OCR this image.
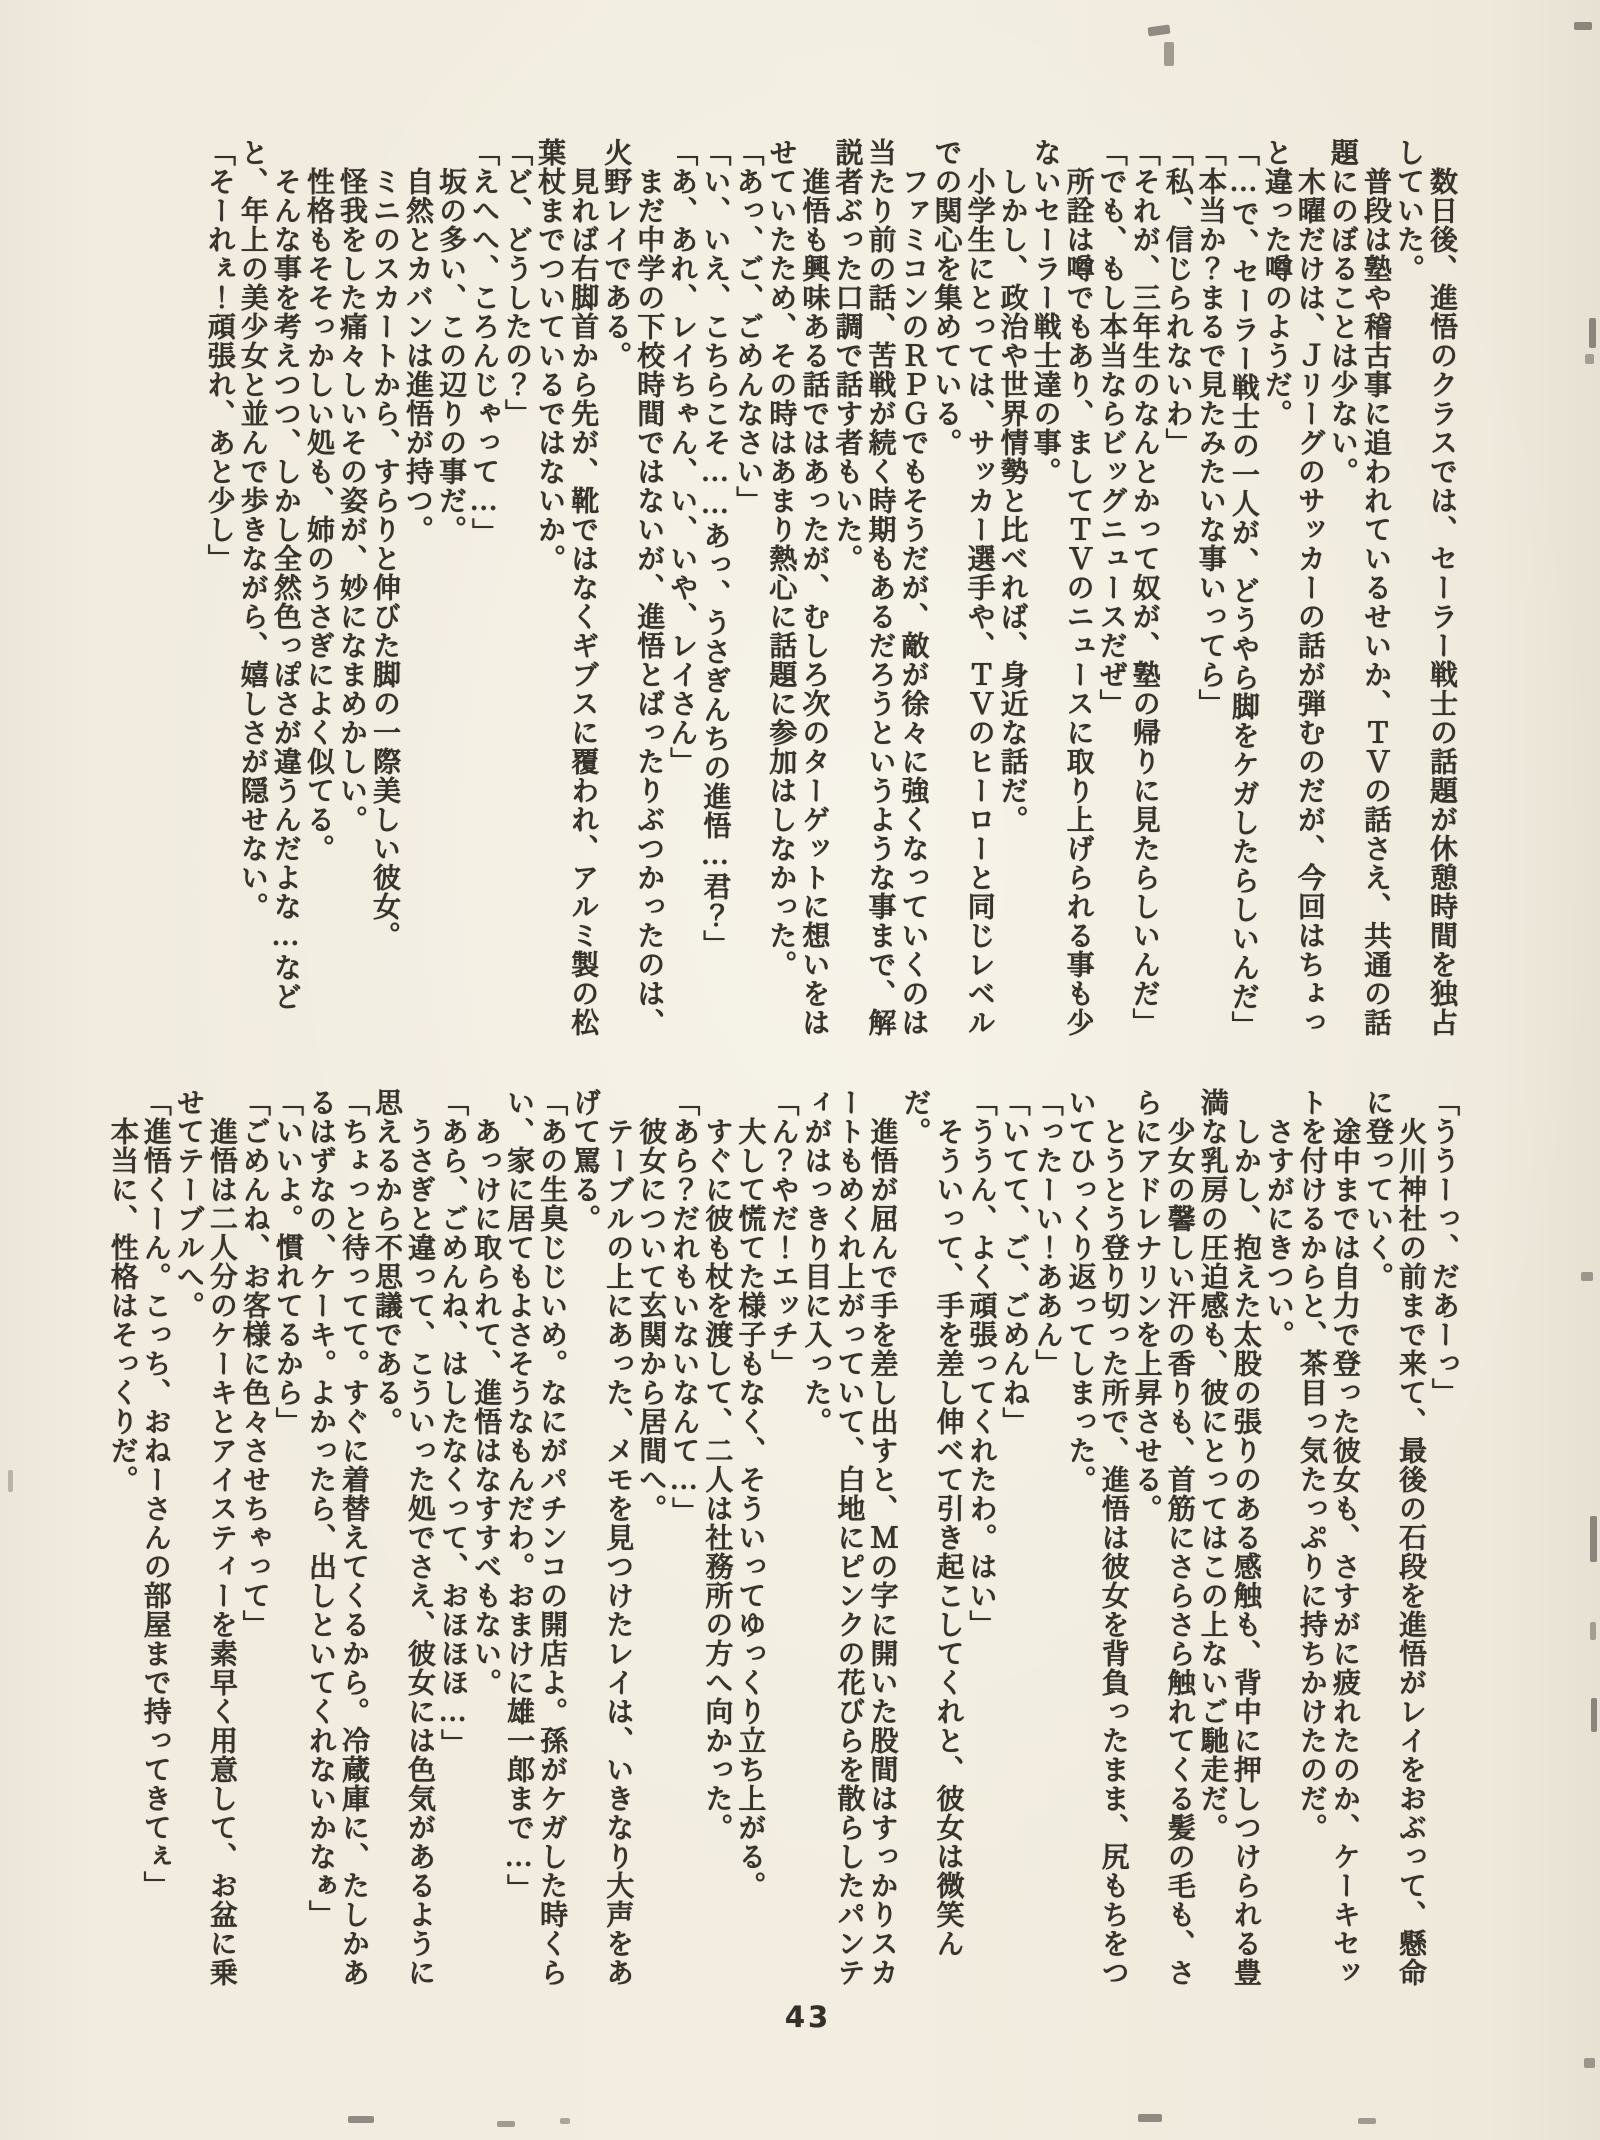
　数日後、進悟のクラスでは、セーラー戦士の話題が休憩時間を独占していた。

　普段は塾や稽古事に追われているせいか、ＴＶの話さえ、共通の話題にのぼることは少ない。

　木曜だけは、Ｊリーグのサッカーの話が弾むのだが、今回はちょっと違った噂のようだ。

「…で、セーラー戦士の一人が、どうやら脚をケガしたらしいんだ」

「本当か？まるで見たみたいな事いってら」

「私、信じられないわ」

「それが、三年生のなんとかって奴が、塾の帰りに見たらしいんだ」

「でも、もし本当ならビッグニュースだぜ」

　所詮は噂でもあり、ましてＴＶのニュースに取り上げられる事も少ないセーラー戦士達の事。

　しかし、政治や世界情勢と比べれば、身近な話だ。

　小学生にとっては、サッカー選手や、ＴＶのヒーローと同じレベルでの関心を集めている。

　ファミコンのＲＰＧでもそうだが、敵が徐々に強くなっていくのは当たり前の話、苦戦が続く時期もあるだろうというような事まで、解説者ぶった口調で話す者もいた。

　進悟も興味ある話ではあったが、むしろ次のターゲットに想いをはせていたため、その時はあまり熱心に話題に参加はしなかった。

「あっ、ご、ごめんなさい」

「い、いえ、こちらこそ……あっ、うさぎんちの進悟…君？」

「あ、あれ、レイちゃん、い、いや、レイさん」

　まだ中学の下校時間ではないが、進悟とばったりぶつかったのは、火野レイである。

　見れば右脚首から先が、靴ではなくギブスに覆われ、アルミ製の松葉杖までついているではないか。

「ど、どうしたの？」

「えへへ、ころんじゃって…」

　坂の多い、この辺りの事だ。

　自然とカバンは進悟が持つ。

　ミニのスカートから、すらりと伸びた脚の一際美しい彼女。

　怪我をした痛々しいその姿が、妙になまめかしい。

　性格もそそっかしい処も、姉のうさぎによく似てる。

　そんな事を考えつつ、しかし全然色っぽさが違うんだよな…などと、年上の美少女と並んで歩きながら、嬉しさが隠せない。

「そーれぇ！頑張れ、あと少し」

「ううーっ、だあーっ」

　火川神社の前まで来て、最後の石段を進悟がレイをおぶって、懸命に登っていく。

　途中までは自力で登った彼女も、さすがに疲れたのか、ケーキセットを付けるからと、茶目っ気たっぷりに持ちかけたのだ。

　さすがにきつい。

　しかし、抱えた太股の張りのある感触も、背中に押しつけられる豊満な乳房の圧迫感も、彼にとってはこの上ないご馳走だ。

　少女の馨しい汗の香りも、首筋にさらさら触れてくる髪の毛も、さらにアドレナリンを上昇させる。

　とうとう登り切った所で、進悟は彼女を背負ったまま、尻もちをついてひっくり返ってしまった。

「ったーい！ああん」

「いてて、ご、ごめんね」

「ううん、よく頑張ってくれたわ。はい」

　そういって、手を差し伸べて引き起こしてくれと、彼女は微笑んだ。

　進悟が屈んで手を差し出すと、Ｍの字に開いた股間はすっかりスカートもめくれ上がっていて、白地にピンクの花びらを散らしたパンティがはっきり目に入った。

「ん？やだ！エッチ」

　大して慌てた様子もなく、そういってゆっくり立ち上がる。

　すぐに彼も杖を渡して、二人は社務所の方へ向かった。

「あら？だれもいないなんて…」

　彼女について玄関から居間へ。

　テーブルの上にあった、メモを見つけたレイは、いきなり大声をあげて罵る。

「あの生臭じじいめ。なにがパチンコの開店よ。孫がケガした時くらい、家に居てもよさそうなもんだわ。おまけに雄一郎まで…」

　あっけに取られて、進悟はなすすべもない。

「あら、ごめんね、はしたなくって、おほほほ…」

　うさぎと違って、こういった処でさえ、彼女には色気があるように思えるから不思議である。

「ちょっと待ってて。すぐに着替えてくるから。冷蔵庫に、たしかあるはずなの、ケーキ。よかったら、出しといてくれないかなぁ」

「いいよ。慣れてるから」

「ごめんね、お客様に色々させちゃって」

　進悟は二人分のケーキとアイスティーを素早く用意して、お盆に乗せてテーブルへ。

「進悟くーん。こっち、おねーさんの部屋まで持ってきてぇ」

　本当に、性格はそっくりだ。

43
